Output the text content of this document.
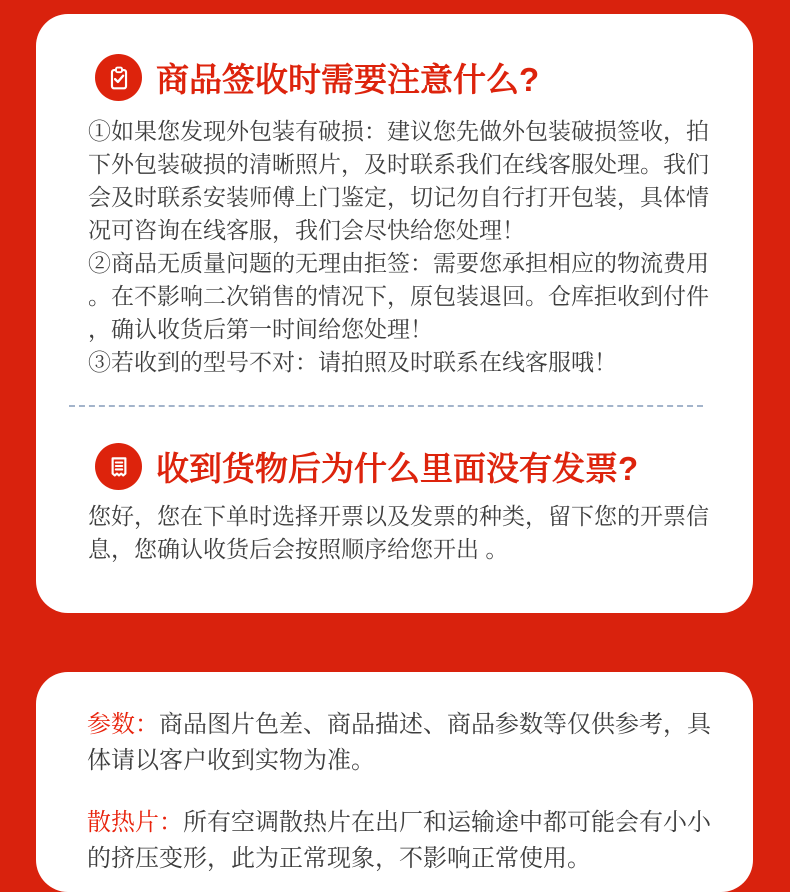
商品签收时需要注意什么?

①如果您发现外包装有破损：建议您先做外包装破损签收，拍下外包装破损的清晰照片，及时联系我们在线客服处理。我们会及时联系安装师傅上门鉴定，切记勿自行打开包装，具体情况可咨询在线客服，我们会尽快给您处理！

②商品无质量问题的无理由拒签：需要您承担相应的物流费用。在不影响二次销售的情况下，原包装退回。仓库拒收到付件，确认收货后第一时间给您处理！

③若收到的型号不对：请拍照及时联系在线客服哦！

收到货物后为什么里面没有发票?

您好，您在下单时选择开票以及发票的种类，留下您的开票信息，您确认收货后会按照顺序给您开出 。

参数：商品图片色差、商品描述、商品参数等仅供参考，具体请以客户收到实物为准。

散热片：所有空调散热片在出厂和运输途中都可能会有小小的挤压变形，此为正常现象，不影响正常使用。
